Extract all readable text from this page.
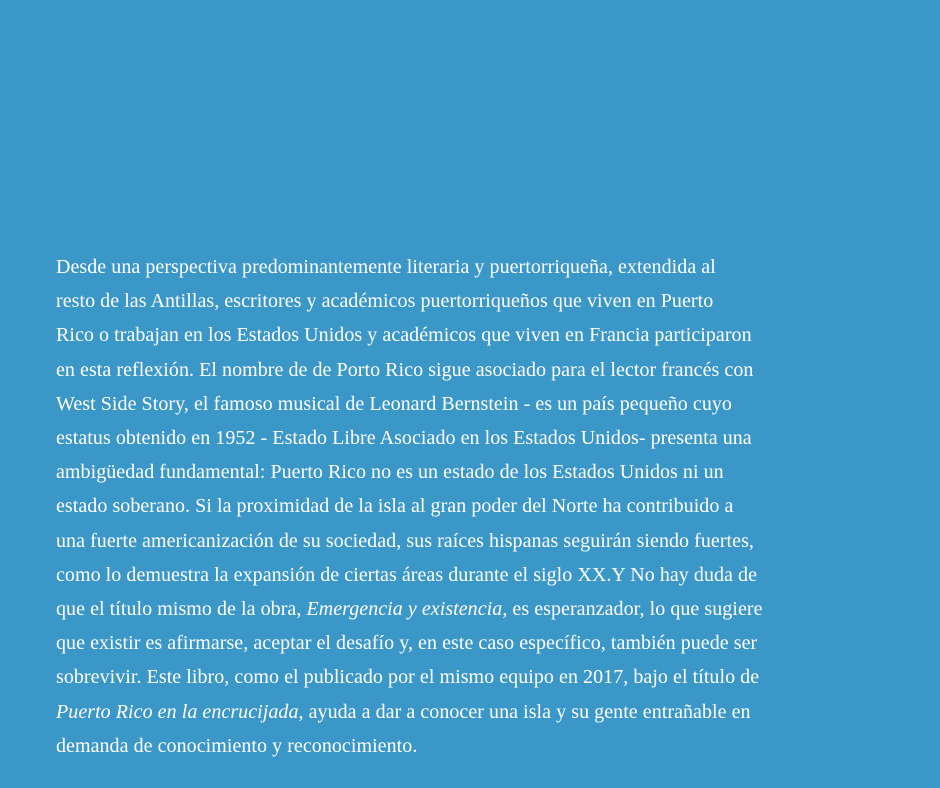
Desde una perspectiva predominantemente literaria y puertorriqueña, extendida al
resto de las Antillas, escritores y académicos puertorriqueños que viven en Puerto
Rico o trabajan en los Estados Unidos y académicos que viven en Francia participaron
en esta reflexión. El nombre de de Porto Rico sigue asociado para el lector francés con
West Side Story, el famoso musical de Leonard Bernstein - es un país pequeño cuyo
estatus obtenido en 1952 - Estado Libre Asociado en los Estados Unidos- presenta una
ambigüedad fundamental: Puerto Rico no es un estado de los Estados Unidos ni un
estado soberano. Si la proximidad de la isla al gran poder del Norte ha contribuido a
una fuerte americanización de su sociedad, sus raíces hispanas seguirán siendo fuertes,
como lo demuestra la expansión de ciertas áreas durante el siglo XX.Y No hay duda de
que el título mismo de la obra, Emergencia y existencia, es esperanzador, lo que sugiere
que existir es afirmarse, aceptar el desafío y, en este caso específico, también puede ser
sobrevivir. Este libro, como el publicado por el mismo equipo en 2017, bajo el título de
Puerto Rico en la encrucijada, ayuda a dar a conocer una isla y su gente entrañable en
demanda de conocimiento y reconocimiento.
